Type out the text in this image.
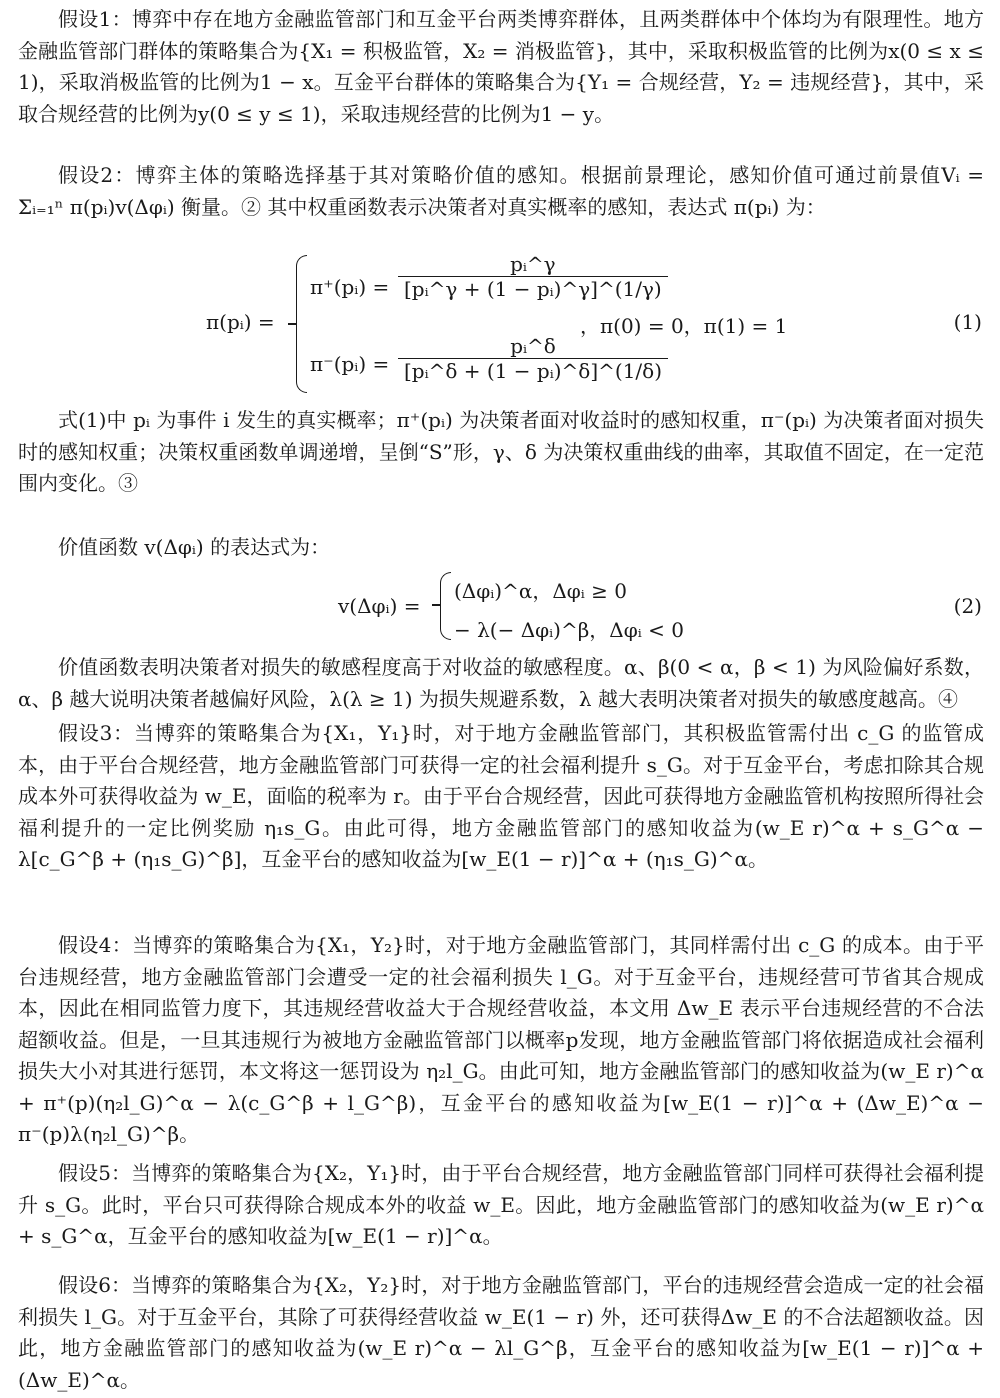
假设1：博弈中存在地方金融监管部门和互金平台两类博弈群体，且两类群体中个体均为有限理性。地方金融监管部门群体的策略集合为{X₁ = 积极监管，X₂ = 消极监管}，其中，采取积极监管的比例为x(0 ≤ x ≤ 1)，采取消极监管的比例为1 − x。互金平台群体的策略集合为{Y₁ = 合规经营，Y₂ = 违规经营}，其中，采取合规经营的比例为y(0 ≤ y ≤ 1)，采取违规经营的比例为1 − y。

假设2：博弈主体的策略选择基于其对策略价值的感知。根据前景理论，感知价值可通过前景值Vᵢ = Σᵢ₌₁ⁿ π(pᵢ)v(Δφᵢ) 衡量。② 其中权重函数表示决策者对真实概率的感知，表达式 π(pᵢ) 为：

π(pᵢ) =
π⁺(pᵢ) = $\frac{\text{pᵢ\textasciicircum{}γ}}{\text{[pᵢ\textasciicircum{}γ + (1 − pᵢ)\textasciicircum{}γ]\textasciicircum{}(1/γ)}}$
，π(0) = 0，π(1) = 1
π⁻(pᵢ) = $\frac{\text{pᵢ\textasciicircum{}δ}}{\text{[pᵢ\textasciicircum{}δ + (1 − pᵢ)\textasciicircum{}δ]\textasciicircum{}(1/δ)}}$
(1)

式(1)中 pᵢ 为事件 i 发生的真实概率；π⁺(pᵢ) 为决策者面对收益时的感知权重，π⁻(pᵢ) 为决策者面对损失时的感知权重；决策权重函数单调递增，呈倒“S”形，γ、δ 为决策权重曲线的曲率，其取值不固定，在一定范围内变化。③

价值函数 v(Δφᵢ) 的表达式为：

v(Δφᵢ) =
(Δφᵢ)^α，Δφᵢ ≥ 0
− λ(− Δφᵢ)^β，Δφᵢ < 0
(2)

价值函数表明决策者对损失的敏感程度高于对收益的敏感程度。α、β(0 < α，β < 1) 为风险偏好系数，α、β 越大说明决策者越偏好风险，λ(λ ≥ 1) 为损失规避系数，λ 越大表明决策者对损失的敏感度越高。④

假设3：当博弈的策略集合为{X₁，Y₁}时，对于地方金融监管部门，其积极监管需付出 c_G 的监管成本，由于平台合规经营，地方金融监管部门可获得一定的社会福利提升 s_G。对于互金平台，考虑扣除其合规成本外可获得收益为 w_E，面临的税率为 r。由于平台合规经营，因此可获得地方金融监管机构按照所得社会福利提升的一定比例奖励 η₁s_G。由此可得，地方金融监管部门的感知收益为(w_E r)^α + s_G^α − λ[c_G^β + (η₁s_G)^β]，互金平台的感知收益为[w_E(1 − r)]^α + (η₁s_G)^α。

假设4：当博弈的策略集合为{X₁，Y₂}时，对于地方金融监管部门，其同样需付出 c_G 的成本。由于平台违规经营，地方金融监管部门会遭受一定的社会福利损失 l_G。对于互金平台，违规经营可节省其合规成本，因此在相同监管力度下，其违规经营收益大于合规经营收益，本文用 Δw_E 表示平台违规经营的不合法超额收益。但是，一旦其违规行为被地方金融监管部门以概率p发现，地方金融监管部门将依据造成社会福利损失大小对其进行惩罚，本文将这一惩罚设为 η₂l_G。由此可知，地方金融监管部门的感知收益为(w_E r)^α + π⁺(p)(η₂l_G)^α − λ(c_G^β + l_G^β)，互金平台的感知收益为[w_E(1 − r)]^α + (Δw_E)^α − π⁻(p)λ(η₂l_G)^β。

假设5：当博弈的策略集合为{X₂，Y₁}时，由于平台合规经营，地方金融监管部门同样可获得社会福利提升 s_G。此时，平台只可获得除合规成本外的收益 w_E。因此，地方金融监管部门的感知收益为(w_E r)^α + s_G^α，互金平台的感知收益为[w_E(1 − r)]^α。

假设6：当博弈的策略集合为{X₂，Y₂}时，对于地方金融监管部门，平台的违规经营会造成一定的社会福利损失 l_G。对于互金平台，其除了可获得经营收益 w_E(1 − r) 外，还可获得Δw_E 的不合法超额收益。因此，地方金融监管部门的感知收益为(w_E r)^α − λl_G^β，互金平台的感知收益为[w_E(1 − r)]^α + (Δw_E)^α。
